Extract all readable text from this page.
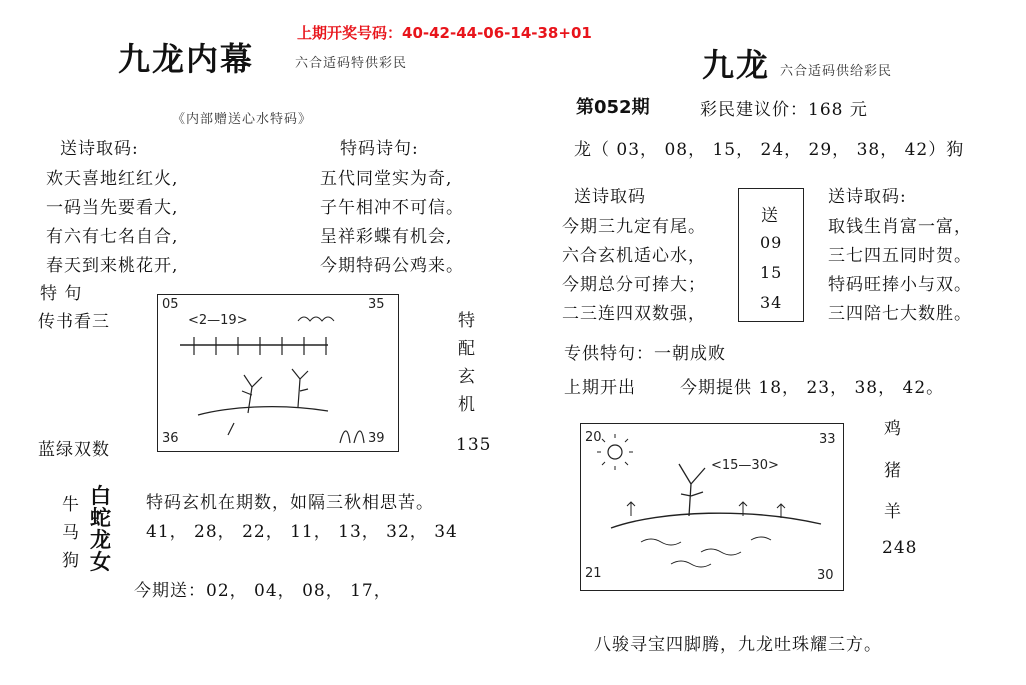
上期开奖号码：40-42-44-06-14-38+01
九龙内幕	六合适码特供彩民
《内部赠送心水特码》
送诗取码:	特码诗句:
欢天喜地红红火,
一码当先要看大,
有六有七名自合,
春天到来桃花开,
五代同堂实为奇,
子午相冲不可信。
呈祥彩蝶有机会,
今期特码公鸡来。
特 句
传书看三
蓝绿双数
05	35
36	39
<2—19>	特
配
玄
机
135
牛
马
狗
白
蛇
龙
女
特码玄机在期数，如隔三秋相思苦。
41， 28， 22， 11， 13， 32， 34
今期送：02， 04， 08， 17，
九龙 六合适码供给彩民
第052期	彩民建议价：168 元
龙（ 03， 08， 15， 24， 29， 38， 42）狗
送诗取码	送诗取码:
今期三九定有尾。
六合玄机适心水，
今期总分可捧大；
二三连四双数强，
取钱生肖富一富，
三七四五同时贺。
特码旺捧小与双。
三四陪七大数胜。
送
09
15
34
专供特句：一朝成败
上期开出	今期提供 18， 23， 38， 42。
20	33
21	30
<15—30>
鸡
猪
羊
248
八骏寻宝四脚腾，九龙吐珠耀三方。
